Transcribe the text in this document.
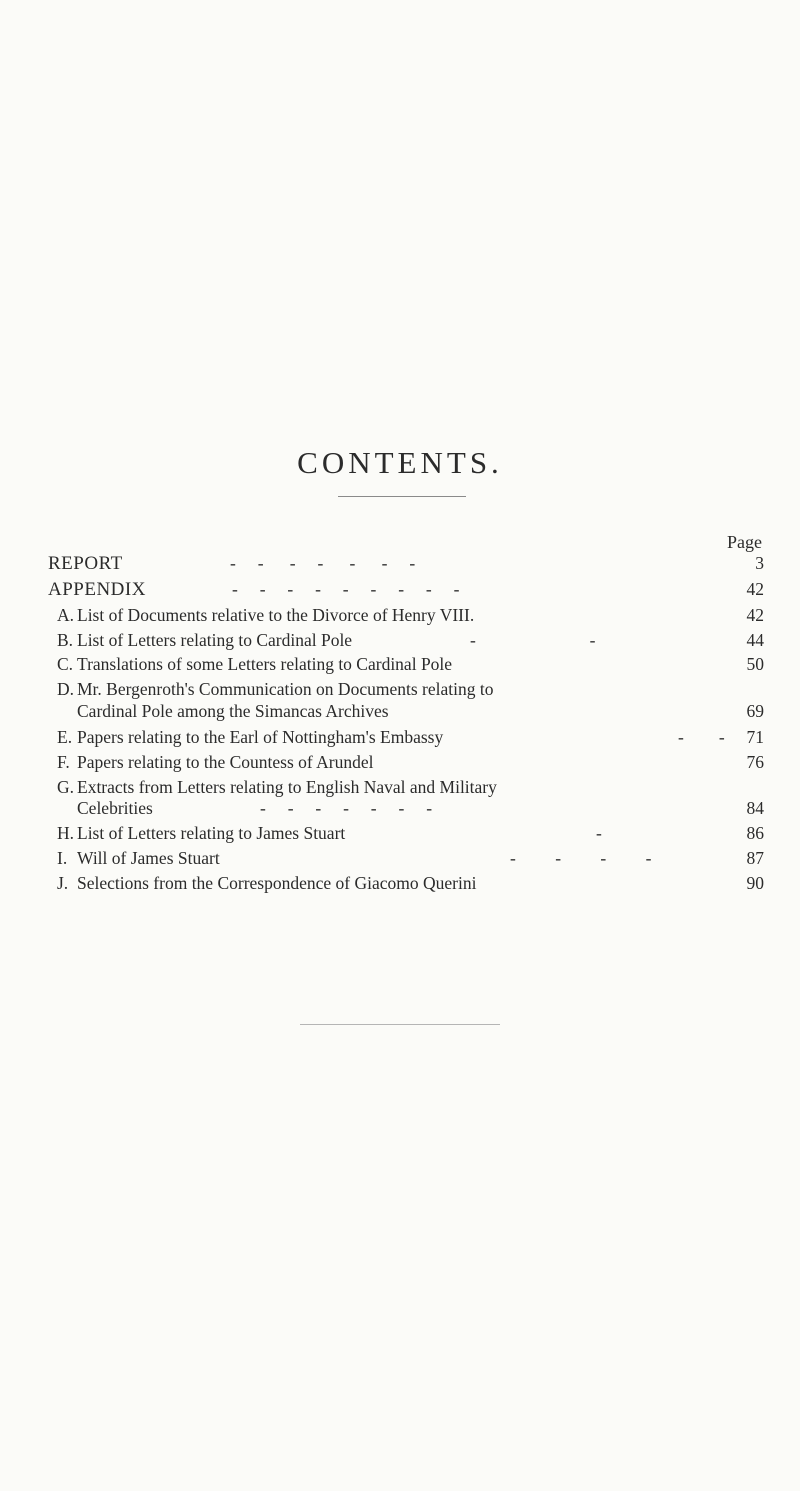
CONTENTS.
Page
REPORT	-     -      -     -      -      -     -	3
APPENDIX	-     -     -     -     -     -     -     -     -	42
A. List of Documents relative to the Divorce of Henry VIII.	42
B. List of Letters relating to Cardinal Pole	-                          -	44
C. Translations of some Letters relating to Cardinal Pole	50
D. Mr. Bergenroth's Communication on Documents relating to
Cardinal Pole among the Simancas Archives	69
E. Papers relating to the Earl of Nottingham's Embassy	-        - 71
F. Papers relating to the Countess of Arundel	76
G. Extracts from Letters relating to English Naval and Military
Celebrities	-     -     -     -     -     -     -	84
H. List of Letters relating to James Stuart	-	86
I. Will of James Stuart	-         -         -         -	87
J. Selections from the Correspondence of Giacomo Querini	90
